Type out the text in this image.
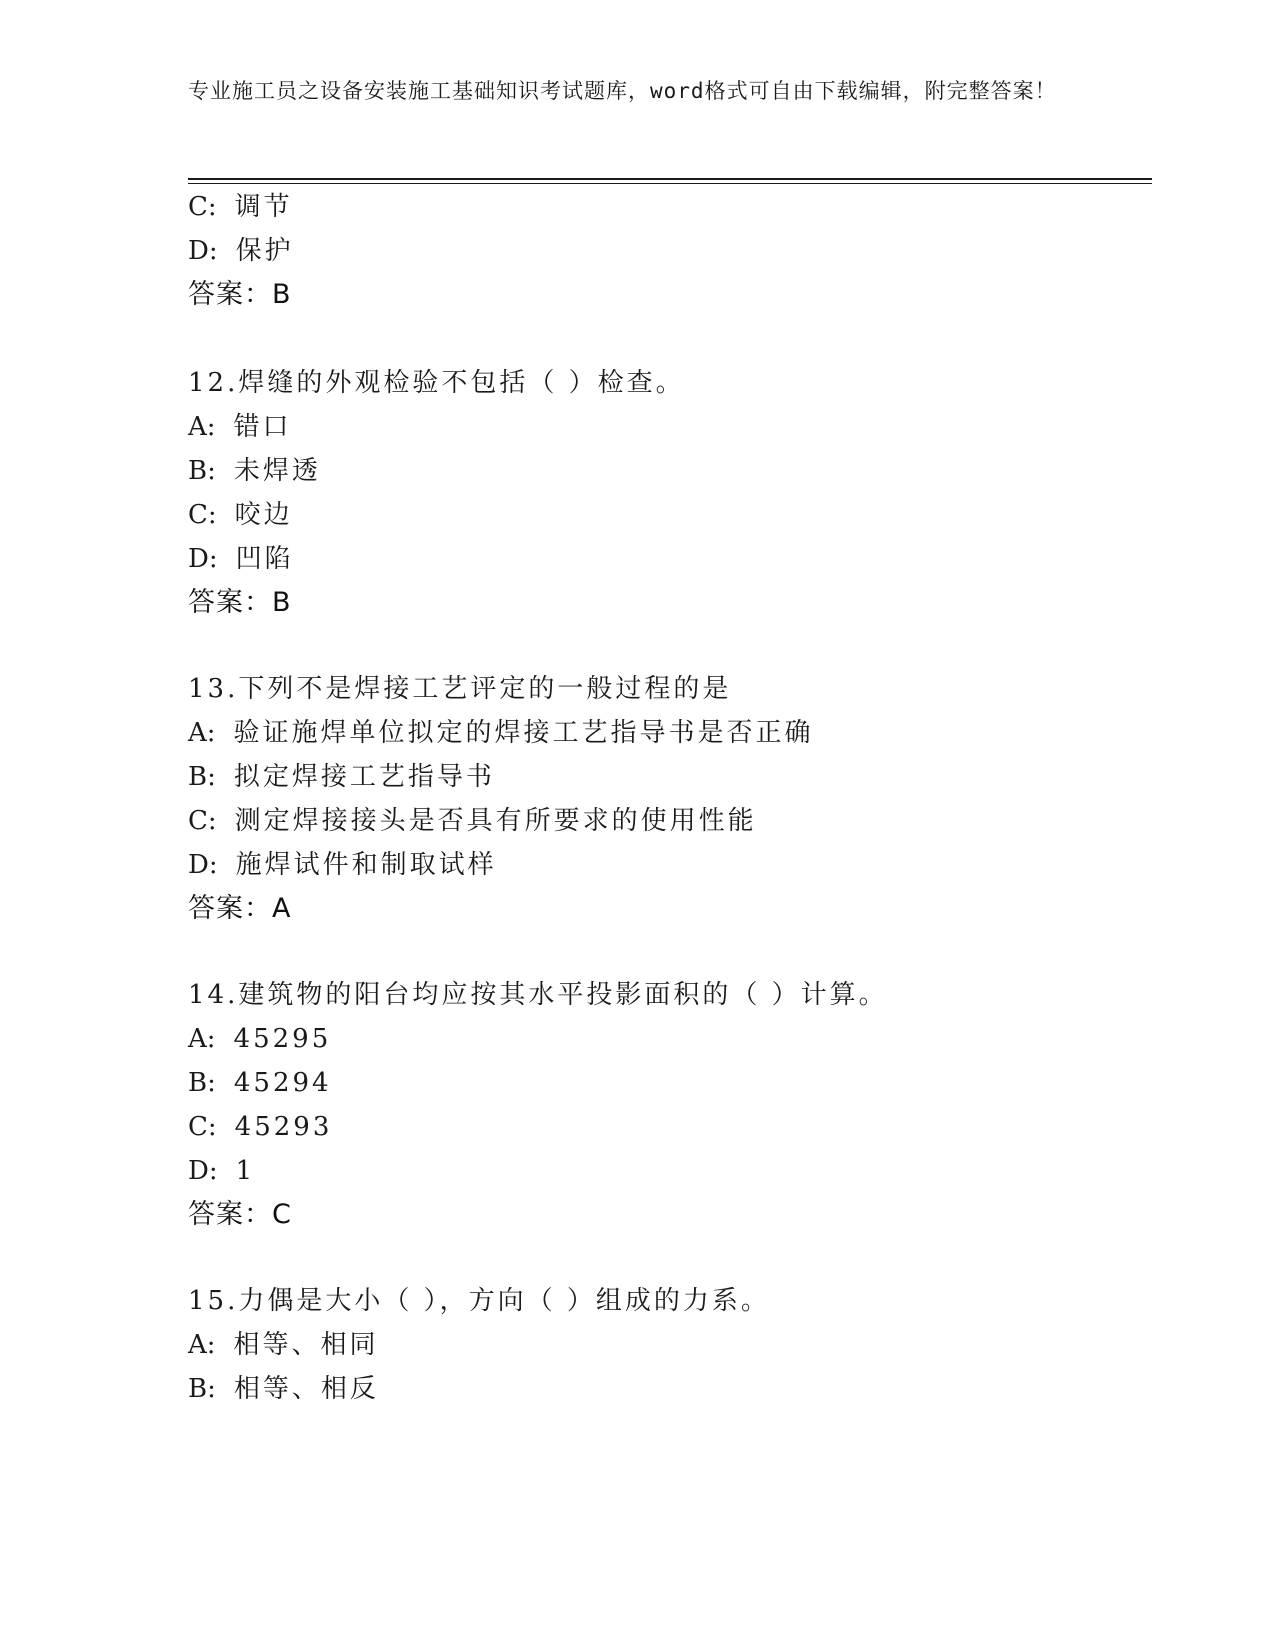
专业施工员之设备安装施工基础知识考试题库，word格式可自由下载编辑，附完整答案！
C: 调节
D: 保护
答案：B
12.焊缝的外观检验不包括（ ）检查。
A: 错口
B: 未焊透
C: 咬边
D: 凹陷
答案：B
13.下列不是焊接工艺评定的一般过程的是
A: 验证施焊单位拟定的焊接工艺指导书是否正确
B: 拟定焊接工艺指导书
C: 测定焊接接头是否具有所要求的使用性能
D: 施焊试件和制取试样
答案：A
14.建筑物的阳台均应按其水平投影面积的（ ）计算。
A: 45295
B: 45294
C: 45293
D: 1
答案：C
15.力偶是大小（ ），方向（ ）组成的力系。
A: 相等、相同
B: 相等、相反
